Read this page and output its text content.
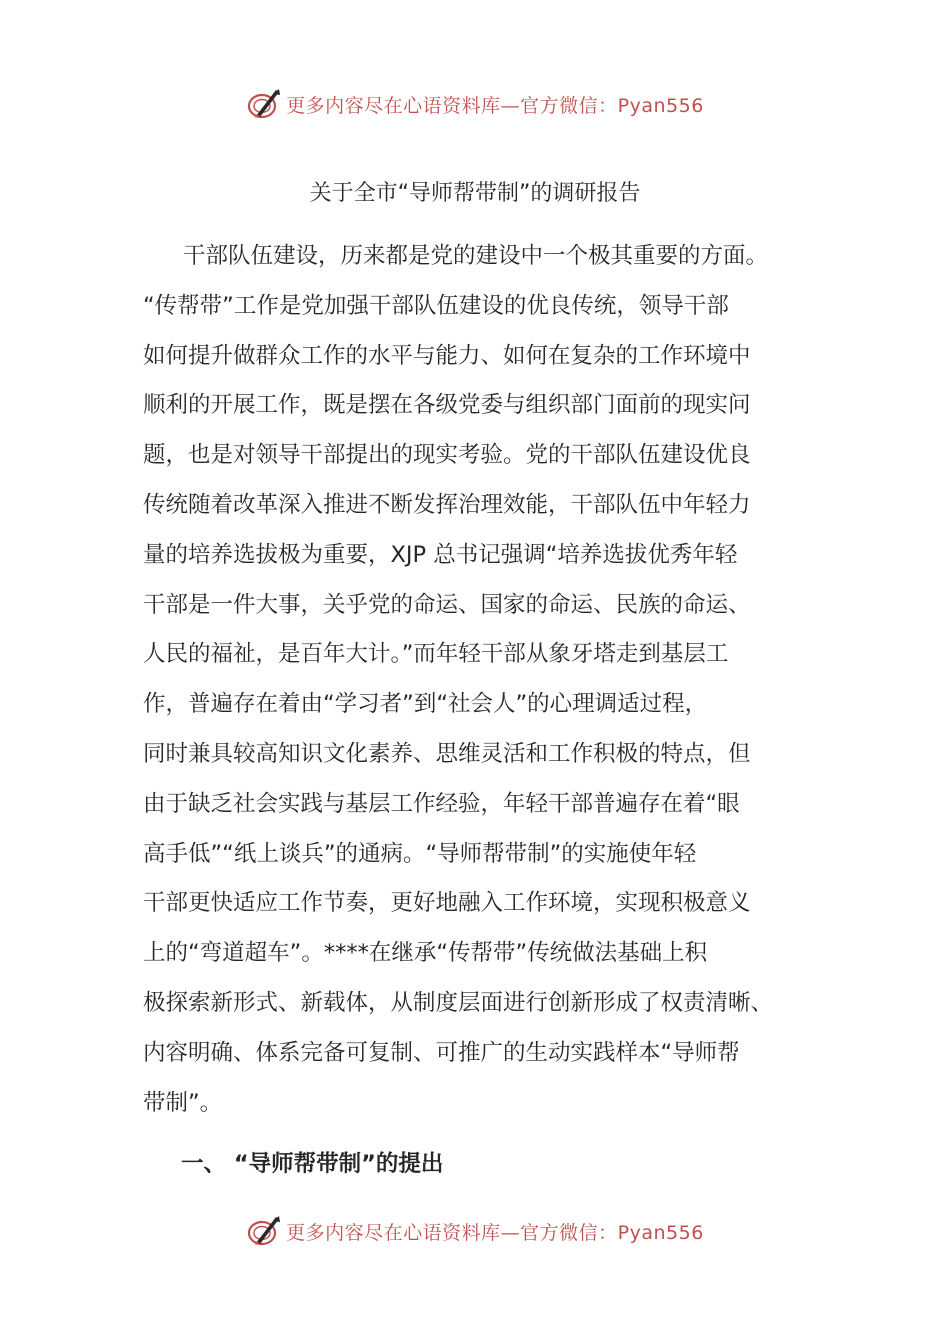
更多内容尽在心语资料库—官方微信：Pyan556
关于全市“导师帮带制”的调研报告
干部队伍建设，历来都是党的建设中一个极其重要的方面。
“传帮带”工作是党加强干部队伍建设的优良传统，领导干部
如何提升做群众工作的水平与能力、如何在复杂的工作环境中
顺利的开展工作，既是摆在各级党委与组织部门面前的现实问
题，也是对领导干部提出的现实考验。党的干部队伍建设优良
传统随着改革深入推进不断发挥治理效能，干部队伍中年轻力
量的培养选拔极为重要，XJP 总书记强调“培养选拔优秀年轻
干部是一件大事，关乎党的命运、国家的命运、民族的命运、
人民的福祉，是百年大计。”而年轻干部从象牙塔走到基层工
作，普遍存在着由“学习者”到“社会人”的心理调适过程，
同时兼具较高知识文化素养、思维灵活和工作积极的特点，但
由于缺乏社会实践与基层工作经验，年轻干部普遍存在着“眼
高手低”“纸上谈兵”的通病。“导师帮带制”的实施使年轻
干部更快适应工作节奏，更好地融入工作环境，实现积极意义
上的“弯道超车”。****在继承“传帮带”传统做法基础上积
极探索新形式、新载体，从制度层面进行创新形成了权责清晰、
内容明确、体系完备可复制、可推广的生动实践样本“导师帮
带制”。
一、 “导师帮带制”的提出
更多内容尽在心语资料库—官方微信：Pyan556
